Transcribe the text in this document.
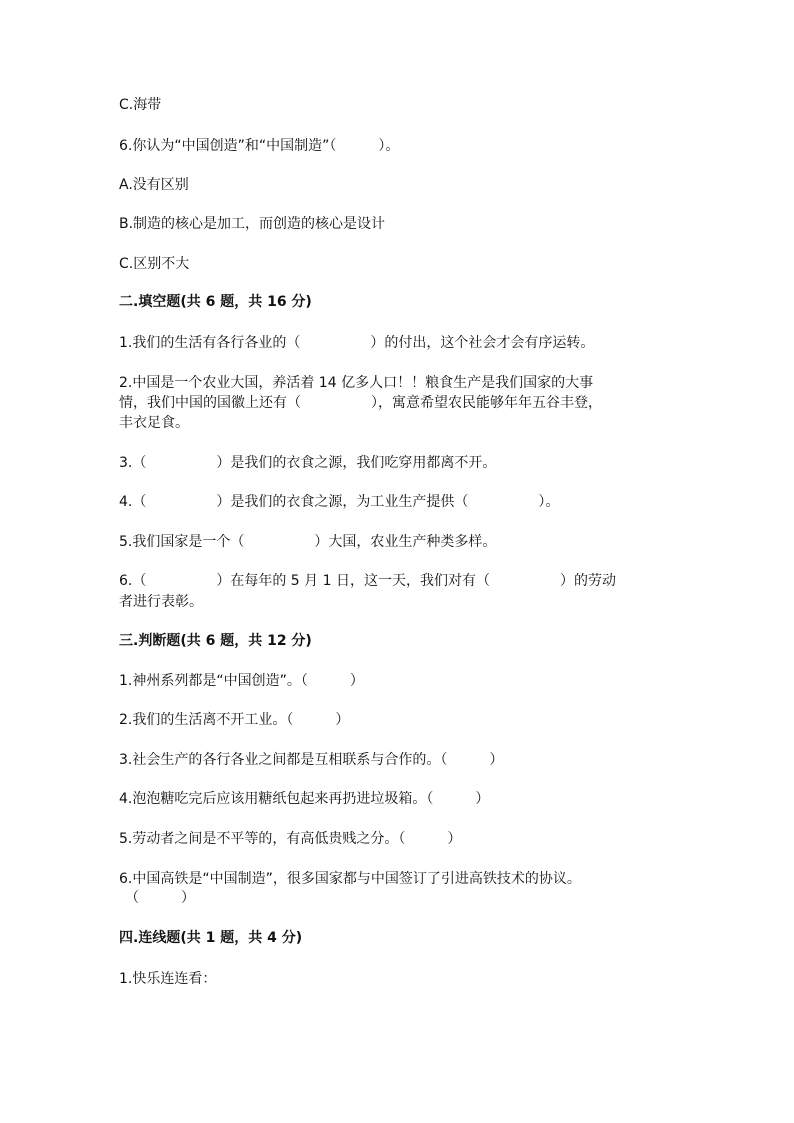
C.海带
6.你认为“中国创造”和“中国制造”（　　　）。
A.没有区别
B.制造的核心是加工，而创造的核心是设计
C.区别不大
二.填空题(共 6 题，共 16 分)
1.我们的生活有各行各业的（　　　　　）的付出，这个社会才会有序运转。
2.中国是一个农业大国，养活着 14 亿多人口！！粮食生产是我们国家的大事
情，我们中国的国徽上还有（　　　　　），寓意希望农民能够年年五谷丰登，
丰衣足食。
3.（　　　　　）是我们的衣食之源，我们吃穿用都离不开。
4.（　　　　　）是我们的衣食之源，为工业生产提供（　　　　　）。
5.我们国家是一个（　　　　　）大国，农业生产种类多样。
6.（　　　　　）在每年的 5 月 1 日，这一天，我们对有（　　　　　）的劳动
者进行表彰。
三.判断题(共 6 题，共 12 分)
1.神州系列都是“中国创造”。（　　　）
2.我们的生活离不开工业。（　　　）
3.社会生产的各行各业之间都是互相联系与合作的。（　　　）
4.泡泡糖吃完后应该用糖纸包起来再扔进垃圾箱。（　　　）
5.劳动者之间是不平等的，有高低贵贱之分。（　　　）
6.中国高铁是“中国制造”，很多国家都与中国签订了引进高铁技术的协议。
（　　　）
四.连线题(共 1 题，共 4 分)
1.快乐连连看：
